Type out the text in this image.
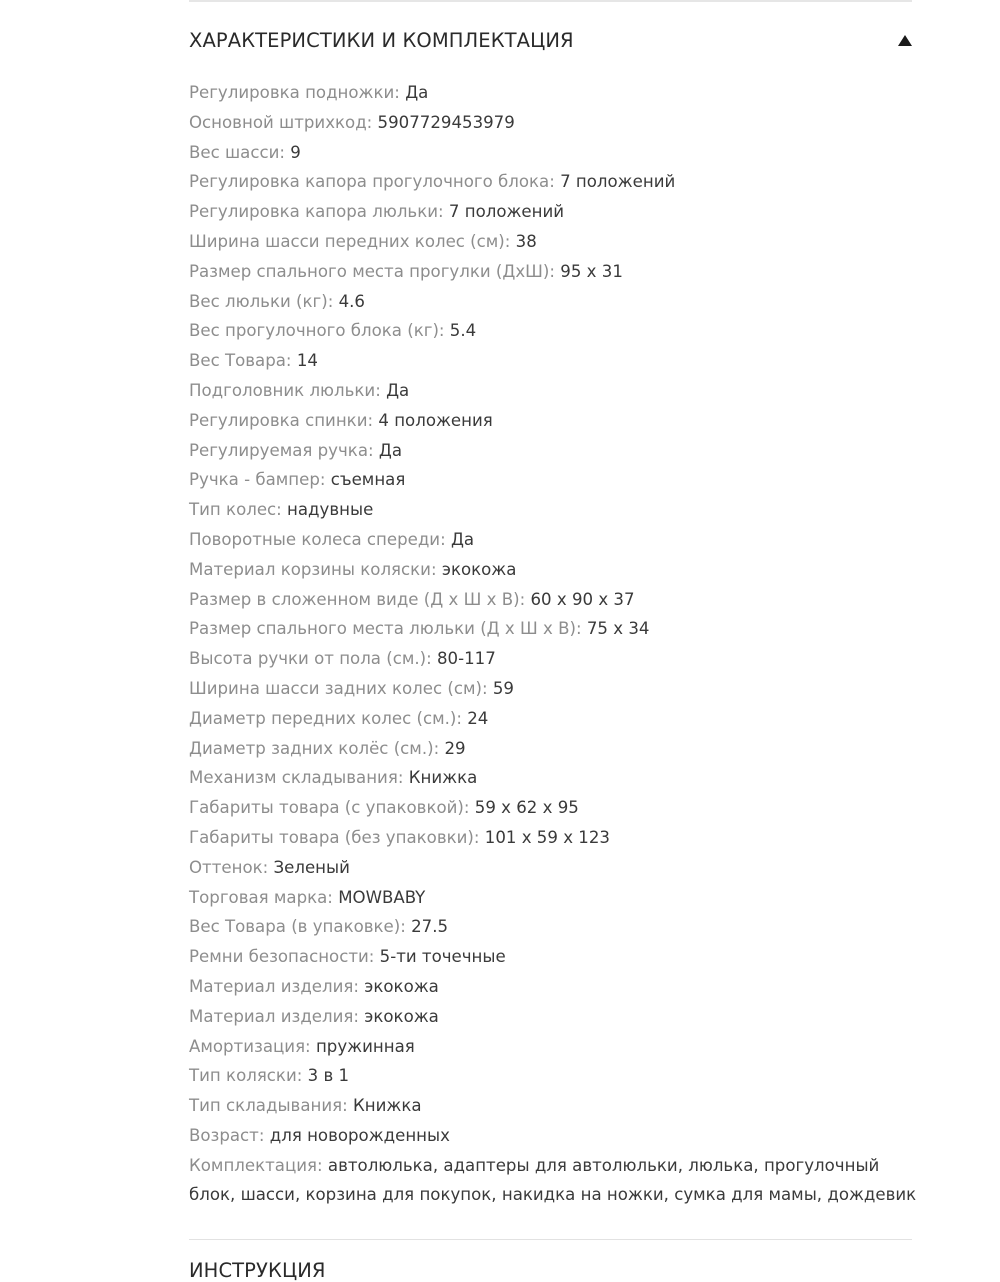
ХАРАКТЕРИСТИКИ И КОМПЛЕКТАЦИЯ
Регулировка подножки: Да
Основной штрихкод: 5907729453979
Вес шасси: 9
Регулировка капора прогулочного блока: 7 положений
Регулировка капора люльки: 7 положений
Ширина шасси передних колес (см): 38
Размер спального места прогулки (ДхШ): 95 х 31
Вес люльки (кг): 4.6
Вес прогулочного блока (кг): 5.4
Вес Товара: 14
Подголовник люльки: Да
Регулировка спинки: 4 положения
Регулируемая ручка: Да
Ручка - бампер: съемная
Тип колес: надувные
Поворотные колеса спереди: Да
Материал корзины коляски: экокожа
Размер в сложенном виде (Д х Ш х В): 60 х 90 х 37
Размер спального места люльки (Д х Ш х В): 75 х 34
Высота ручки от пола (см.): 80-117
Ширина шасси задних колес (см): 59
Диаметр передних колес (см.): 24
Диаметр задних колёс (см.): 29
Механизм складывания: Книжка
Габариты товара (с упаковкой): 59 х 62 х 95
Габариты товара (без упаковки): 101 х 59 х 123
Оттенок: Зеленый
Торговая марка: MOWBABY
Вес Товара (в упаковке): 27.5
Ремни безопасности: 5-ти точечные
Материал изделия: экокожа
Материал изделия: экокожа
Амортизация: пружинная
Тип коляски: 3 в 1
Тип складывания: Книжка
Возраст: для новорожденных
Комплектация: автолюлька, адаптеры для автолюльки, люлька, прогулочный блок, шасси, корзина для покупок, накидка на ножки, сумка для мамы, дождевик
ИНСТРУКЦИЯ
